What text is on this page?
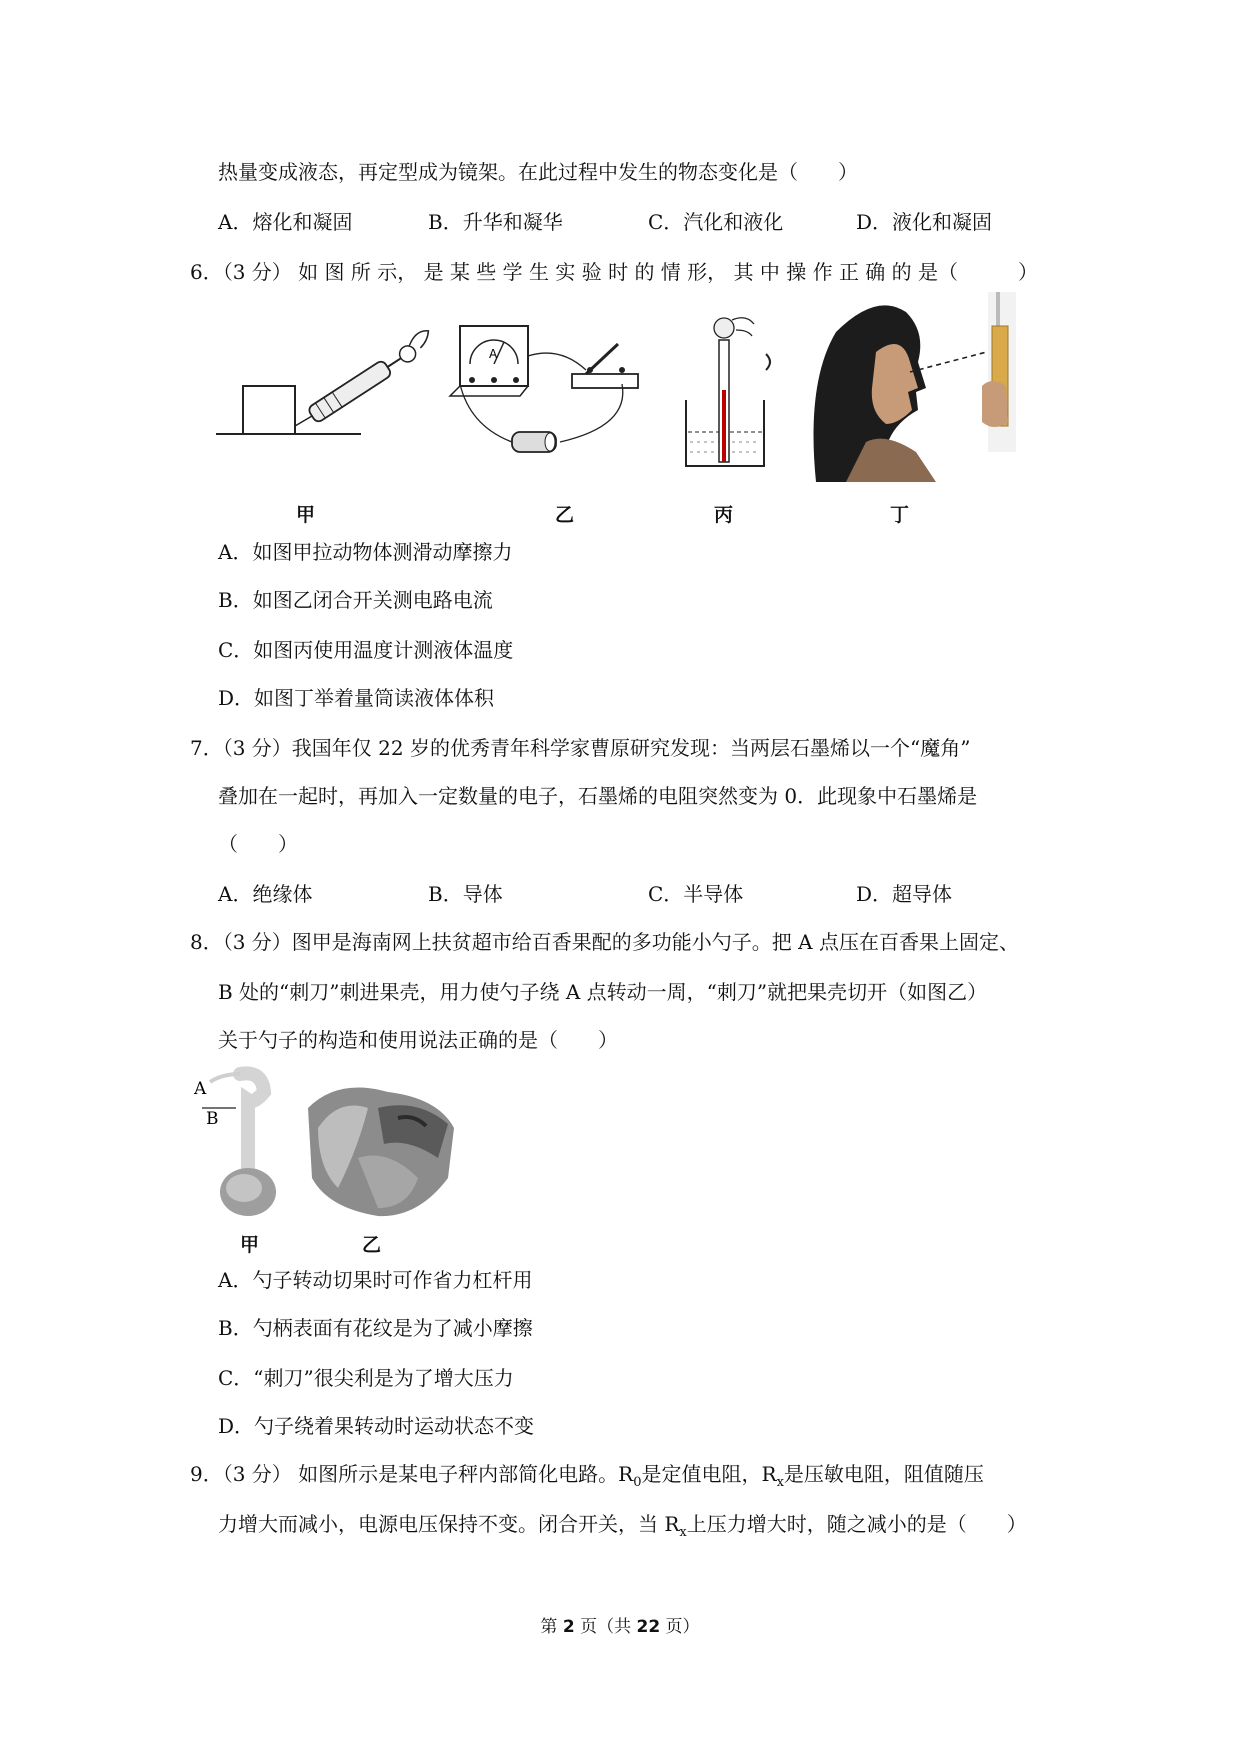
热量变成液态，再定型成为镜架。在此过程中发生的物态变化是（　　）
A．熔化和凝固	B．升华和凝华	C．汽化和液化	D．液化和凝固
6．（3 分） 如 图 所 示， 是 某 些 学 生 实 验 时 的 情 形， 其 中 操 作 正 确 的 是（　　　）
甲
A
乙	丙	丁
A．如图甲拉动物体测滑动摩擦力
B．如图乙闭合开关测电路电流
C．如图丙使用温度计测液体温度
D．如图丁举着量筒读液体体积
7．（3 分）我国年仅 22 岁的优秀青年科学家曹原研究发现：当两层石墨烯以一个“魔角”
叠加在一起时，再加入一定数量的电子，石墨烯的电阻突然变为 0．此现象中石墨烯是
（　　）
A．绝缘体	B．导体	C．半导体	D．超导体
8．（3 分）图甲是海南网上扶贫超市给百香果配的多功能小勺子。把 A 点压在百香果上固定、
B 处的“刺刀”刺进果壳，用力使勺子绕 A 点转动一周，“刺刀”就把果壳切开（如图乙）
关于勺子的构造和使用说法正确的是（　　）
A
B
甲	乙
A．勺子转动切果时可作省力杠杆用
B．勺柄表面有花纹是为了减小摩擦
C．“刺刀”很尖利是为了增大压力
D．勺子绕着果转动时运动状态不变
9．（3 分） 如图所示是某电子秤内部简化电路。$R_0$是定值电阻，$R_x$是压敏电阻，阻值随压
力增大而减小，电源电压保持不变。闭合开关，当 $R_x$上压力增大时，随之减小的是（　　）
第 2 页（共 22 页）
